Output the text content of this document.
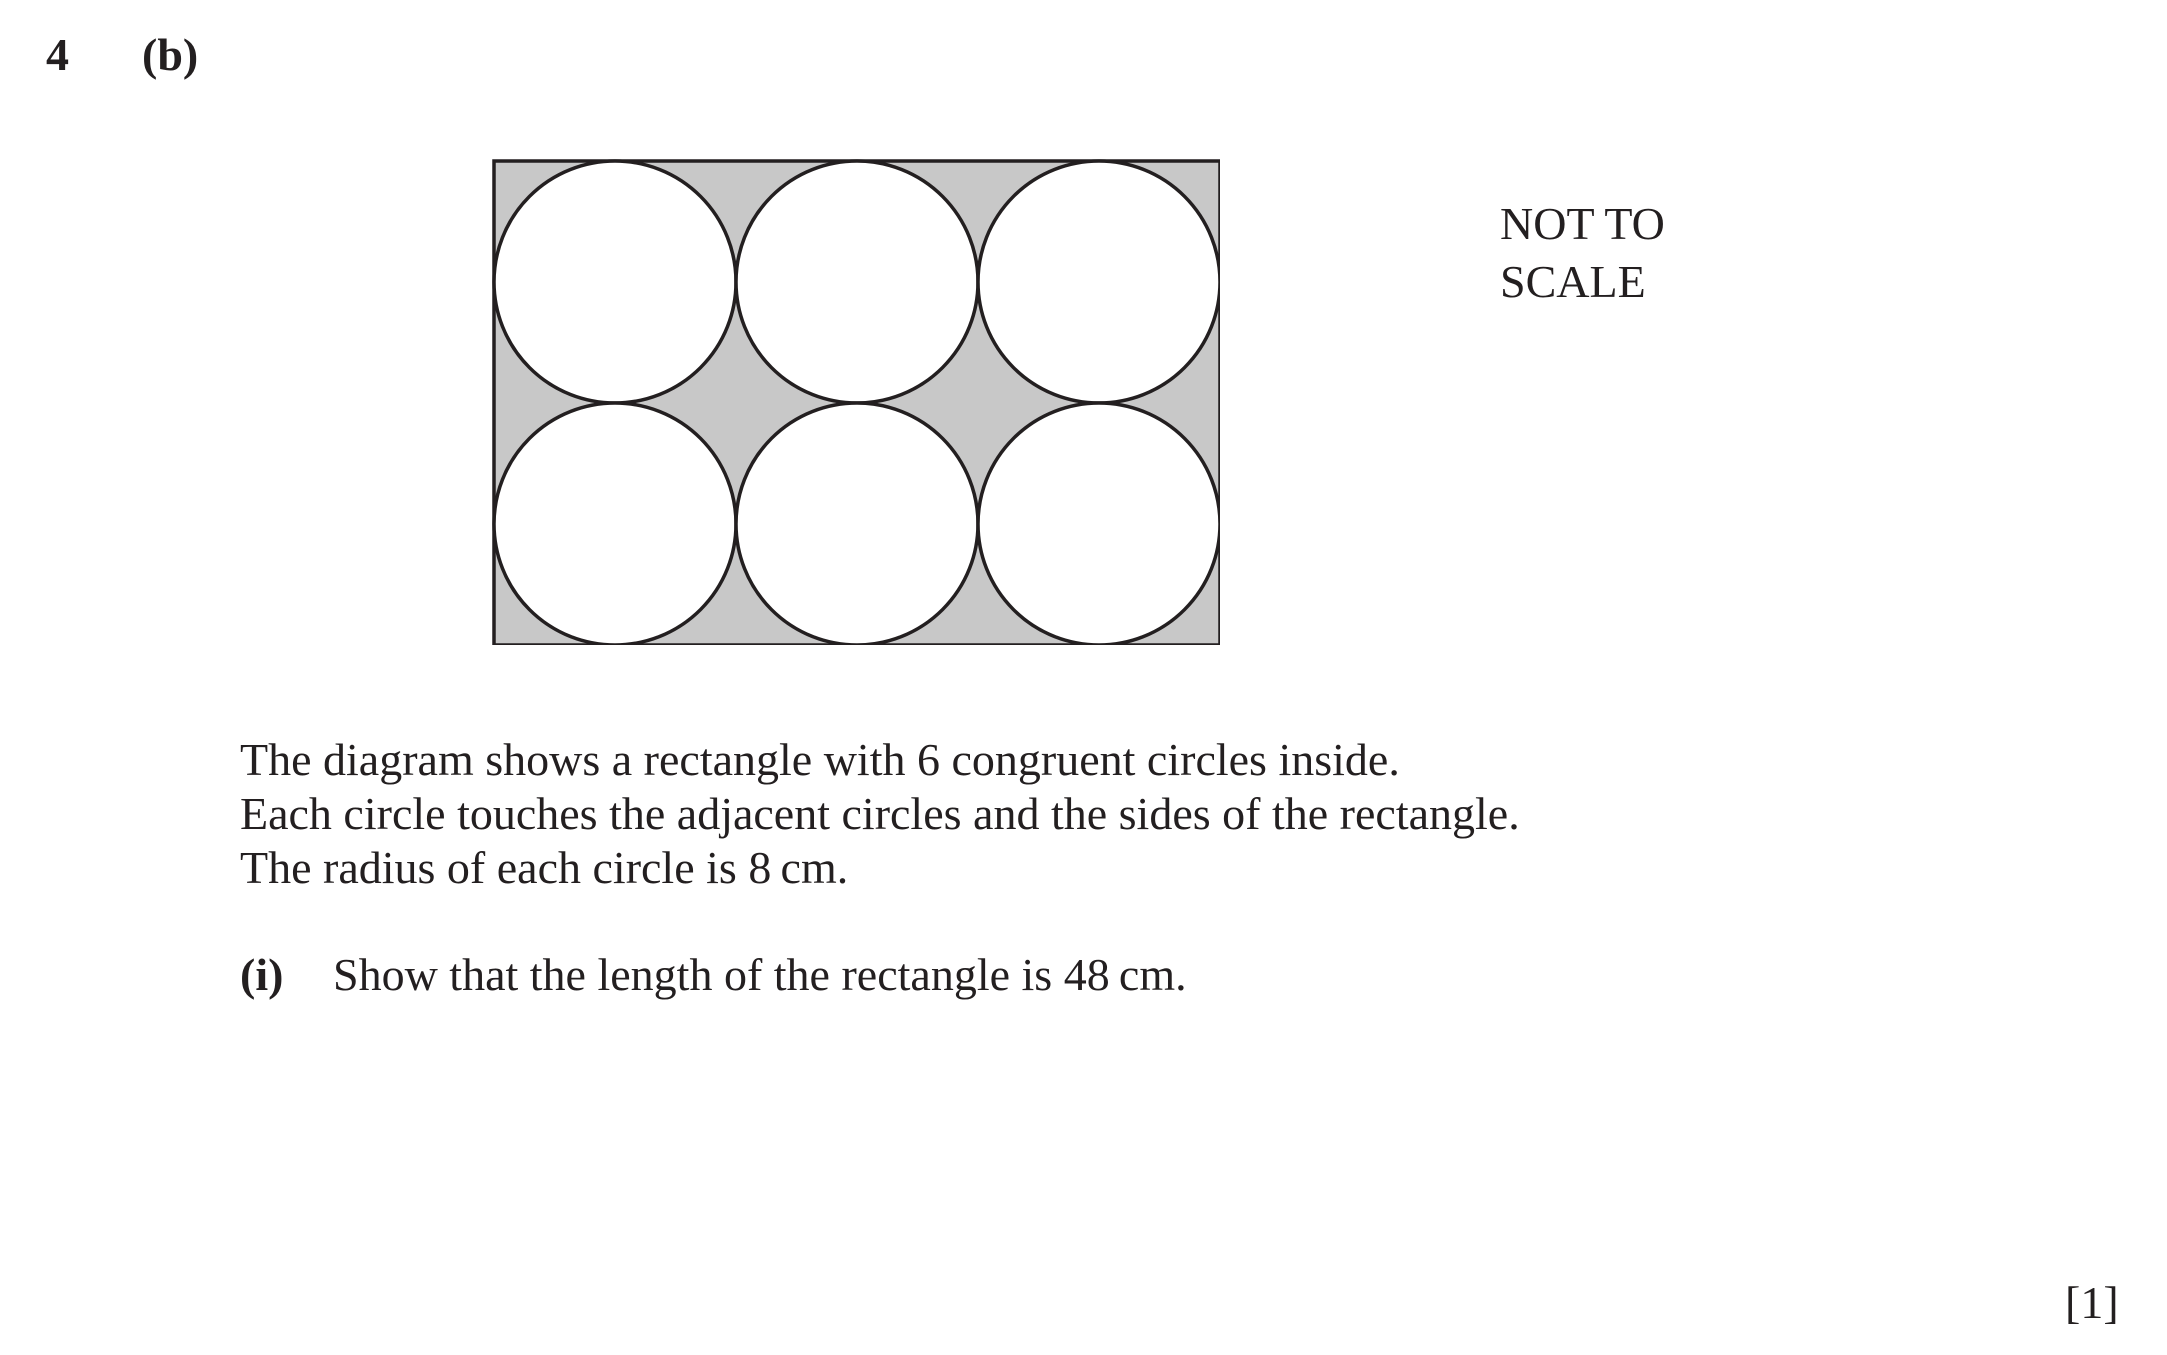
4 (b)
NOT TO
SCALE
The diagram shows a rectangle with 6 congruent circles inside.
Each circle touches the adjacent circles and the sides of the rectangle.
The radius of each circle is 8 cm.
(i) Show that the length of the rectangle is 48 cm.
[1]
